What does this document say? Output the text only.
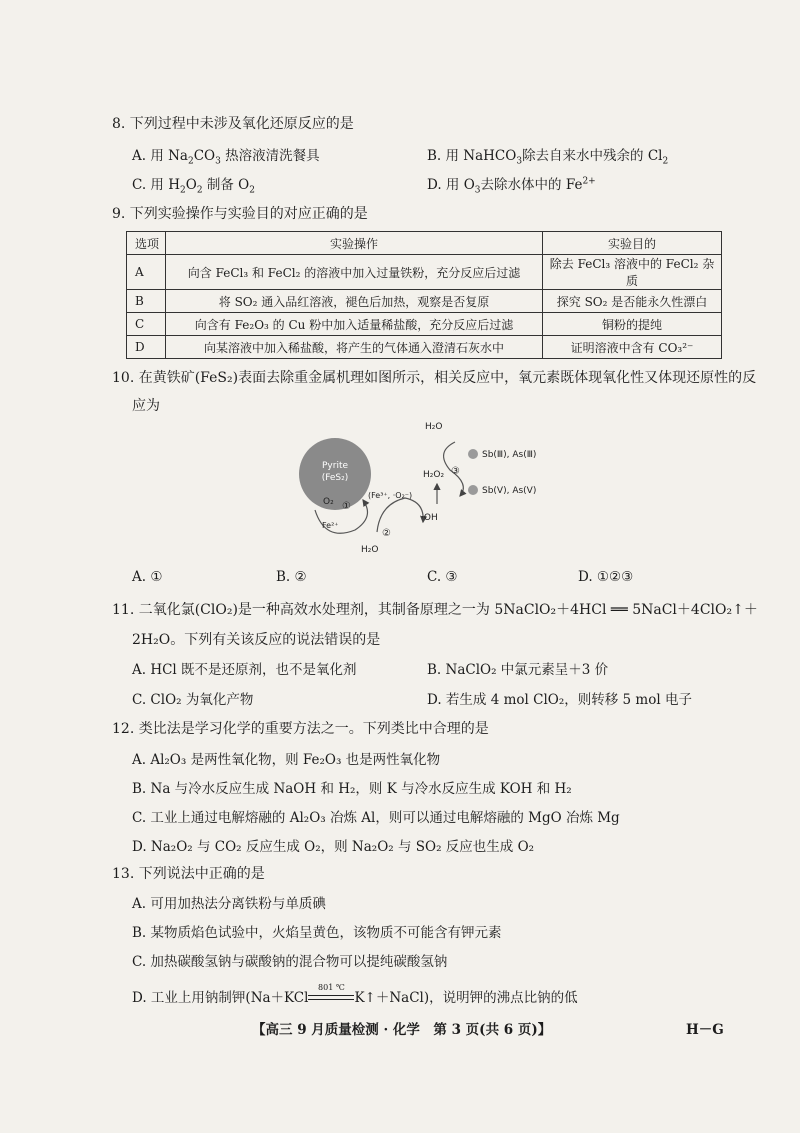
8. 下列过程中未涉及氧化还原反应的是
A. 用 $Na_2CO_3$ 热溶液清洗餐具	B. 用 NaHCO$_3$除去自来水中残余的 $Cl_2$
C. 用 $H_2O_2$ 制备 $O_2$	D. 用 $O_3$去除水体中的 $Fe^{2+}$
9. 下列实验操作与实验目的对应正确的是
选项	实验操作	实验目的
A	向含 FeCl₃ 和 FeCl₂ 的溶液中加入过量铁粉，充分反应后过滤	除去 FeCl₃ 溶液中的 FeCl₂ 杂质
B	将 SO₂ 通入品红溶液，褪色后加热，观察是否复原	探究 SO₂ 是否能永久性漂白
C	向含有 Fe₂O₃ 的 Cu 粉中加入适量稀盐酸，充分反应后过滤	铜粉的提纯
D	向某溶液中加入稀盐酸，将产生的气体通入澄清石灰水中	证明溶液中含有 CO₃²⁻
10. 在黄铁矿(FeS₂)表面去除重金属机理如图所示，相关反应中，氧元素既体现氧化性又体现还原性的反
应为
Pyrite
(FeS₂)
O₂ ①
Fe²⁺
(Fe³⁺, ·O₂⁻)
②
·OH
H₂O
H₂O₂
H₂O
③
Sb(Ⅲ), As(Ⅲ)
Sb(Ⅴ), As(Ⅴ)
A. ①	B. ②	C. ③	D. ①②③
11. 二氧化氯(ClO₂)是一种高效水处理剂，其制备原理之一为 5NaClO₂＋4HCl ══ 5NaCl＋4ClO₂↑＋
2H₂O。下列有关该反应的说法错误的是
A. HCl 既不是还原剂，也不是氧化剂	B. NaClO₂ 中氯元素呈＋3 价
C. ClO₂ 为氧化产物	D. 若生成 4 mol ClO₂，则转移 5 mol 电子
12. 类比法是学习化学的重要方法之一。下列类比中合理的是
A. Al₂O₃ 是两性氧化物，则 Fe₂O₃ 也是两性氧化物
B. Na 与冷水反应生成 NaOH 和 H₂，则 K 与冷水反应生成 KOH 和 H₂
C. 工业上通过电解熔融的 Al₂O₃ 冶炼 Al，则可以通过电解熔融的 MgO 冶炼 Mg
D. Na₂O₂ 与 CO₂ 反应生成 O₂，则 Na₂O₂ 与 SO₂ 反应也生成 O₂
13. 下列说法中正确的是
A. 可用加热法分离铁粉与单质碘
B. 某物质焰色试验中，火焰呈黄色，该物质不可能含有钾元素
C. 加热碳酸氢钠与碳酸钠的混合物可以提纯碳酸氢钠
D. 工业上用钠制钾(Na＋KCl
801 ℃
K↑＋NaCl)，说明钾的沸点比钠的低
【高三 9 月质量检测 · 化学　第 3 页(共 6 页)】	H－G
